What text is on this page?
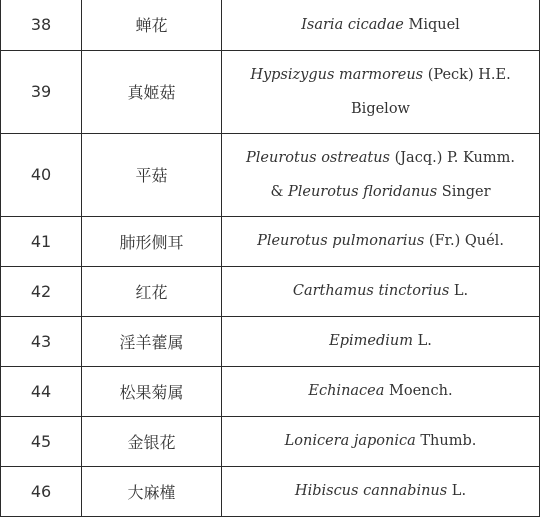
38	蝉花	Isaria cicadae Miquel

39	真姬菇	Hypsizygus marmoreus (Peck) H.E.
Bigelow

40	平菇	Pleurotus ostreatus (Jacq.) P. Kumm.
& Pleurotus floridanus Singer

41	肺形侧耳	Pleurotus pulmonarius (Fr.) Quél.

42	红花	Carthamus tinctorius L.

43	淫羊藿属	Epimedium L.

44	松果菊属	Echinacea Moench.

45	金银花	Lonicera japonica Thumb.

46	大麻槿	Hibiscus cannabinus L.
